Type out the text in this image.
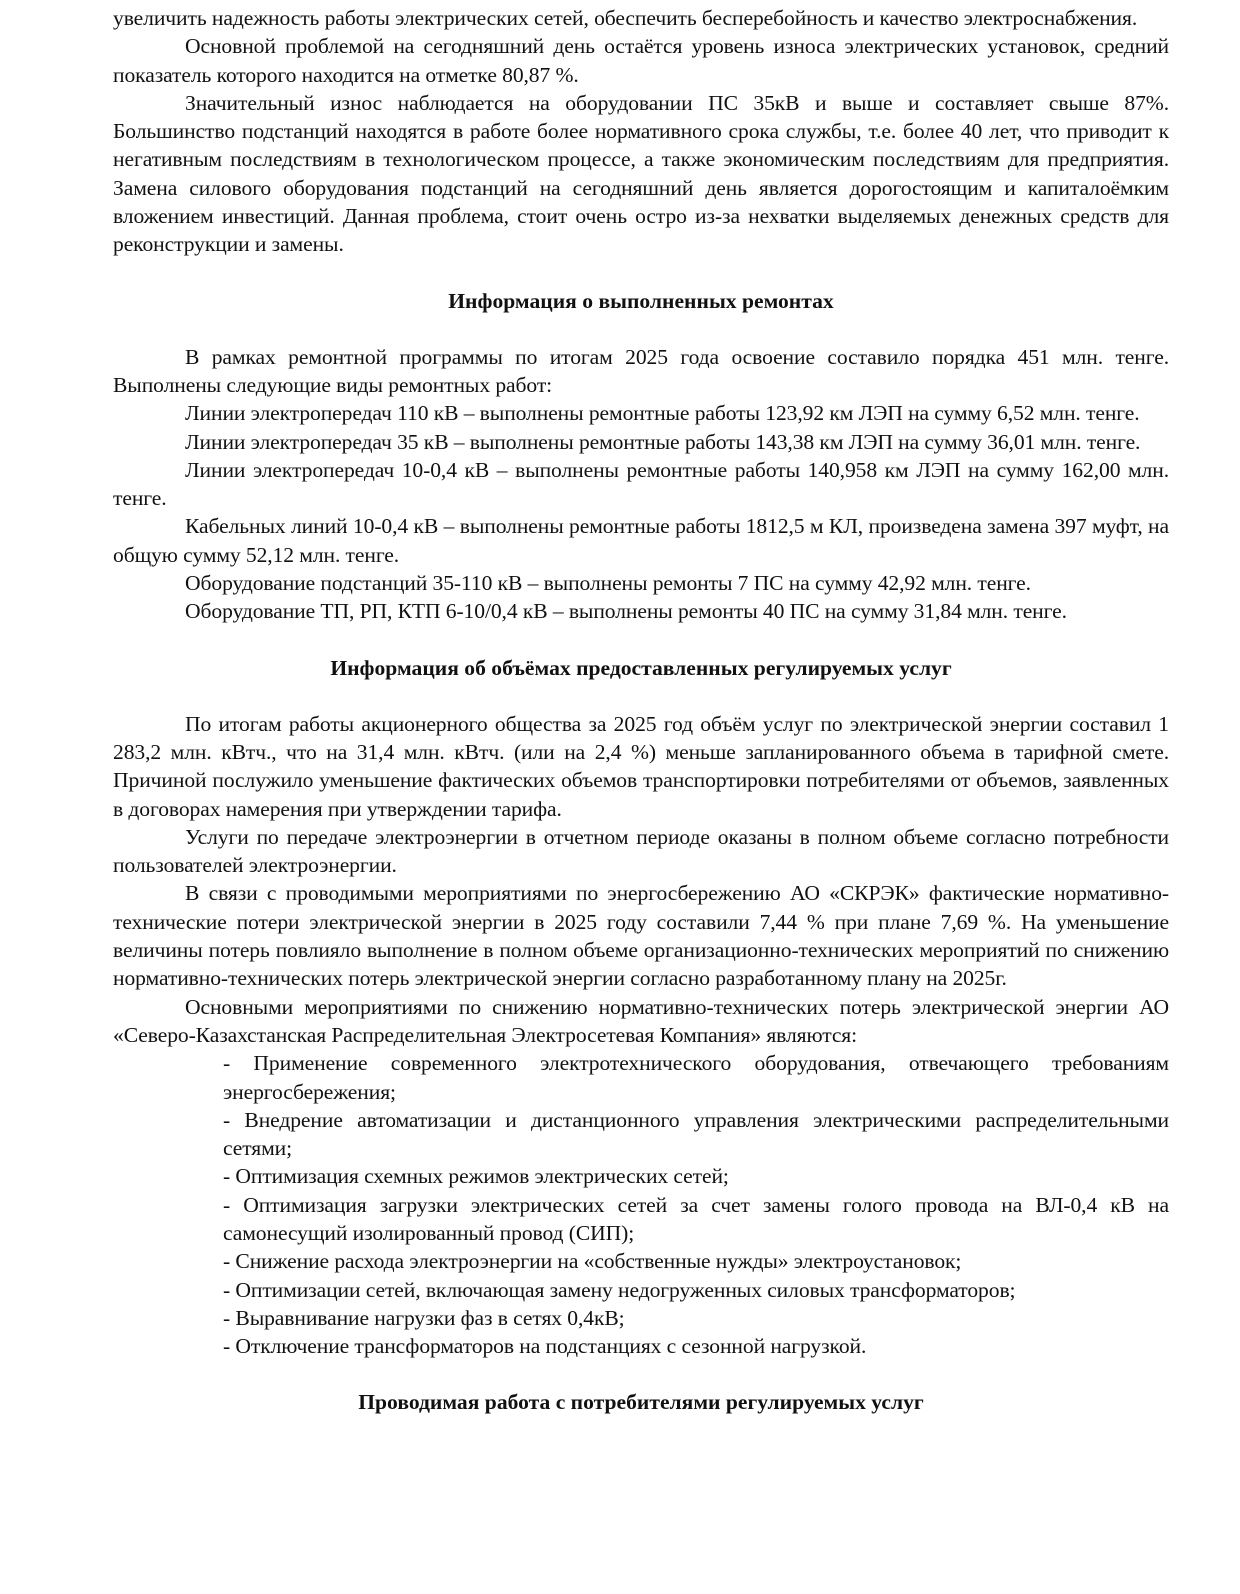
увеличить надежность работы электрических сетей, обеспечить бесперебойность и качество электроснабжения.

Основной проблемой на сегодняшний день остаётся уровень износа электрических установок, средний показатель которого находится на отметке 80,87 %.

Значительный износ наблюдается на оборудовании ПС 35кВ и выше и составляет свыше 87%. Большинство подстанций находятся в работе более нормативного срока службы, т.е. более 40 лет, что приводит к негативным последствиям в технологическом процессе, а также экономическим последствиям для предприятия. Замена силового оборудования подстанций на сегодняшний день является дорогостоящим и капиталоёмким вложением инвестиций. Данная проблема, стоит очень остро из-за нехватки выделяемых денежных средств для реконструкции и замены.

Информация о выполненных ремонтах

В рамках ремонтной программы по итогам 2025 года освоение составило порядка 451 млн. тенге. Выполнены следующие виды ремонтных работ:

Линии электропередач 110 кВ – выполнены ремонтные работы 123,92 км ЛЭП на сумму 6,52 млн. тенге.

Линии электропередач 35 кВ – выполнены ремонтные работы 143,38 км ЛЭП на сумму 36,01 млн. тенге.

Линии электропередач 10-0,4 кВ – выполнены ремонтные работы 140,958 км ЛЭП на сумму 162,00 млн. тенге.

Кабельных линий 10-0,4 кВ – выполнены ремонтные работы 1812,5 м КЛ, произведена замена 397 муфт, на общую сумму 52,12 млн. тенге.

Оборудование подстанций 35-110 кВ – выполнены ремонты 7 ПС на сумму 42,92 млн. тенге.

Оборудование ТП, РП, КТП 6-10/0,4 кВ – выполнены ремонты 40 ПС на сумму 31,84 млн. тенге.

Информация об объёмах предоставленных регулируемых услуг

По итогам работы акционерного общества за 2025 год объём услуг по электрической энергии составил 1 283,2 млн. кВтч., что на 31,4 млн. кВтч. (или на 2,4 %) меньше запланированного объема в тарифной смете. Причиной послужило уменьшение фактических объемов транспортировки потребителями от объемов, заявленных в договорах намерения при утверждении тарифа.

Услуги по передаче электроэнергии в отчетном периоде оказаны в полном объеме согласно потребности пользователей электроэнергии.

В связи с проводимыми мероприятиями по энергосбережению АО «СКРЭК» фактические нормативно-технические потери электрической энергии в 2025 году составили 7,44 % при плане 7,69 %. На уменьшение величины потерь повлияло выполнение в полном объеме организационно-технических мероприятий по снижению нормативно-технических потерь электрической энергии согласно разработанному плану на 2025г.

Основными мероприятиями по снижению нормативно-технических потерь электрической энергии АО «Северо-Казахстанская Распределительная Электросетевая Компания» являются:

- Применение современного электротехнического оборудования, отвечающего требованиям энергосбережения;

- Внедрение автоматизации и дистанционного управления электрическими распределительными сетями;

- Оптимизация схемных режимов электрических сетей;

- Оптимизация загрузки электрических сетей за счет замены голого провода на ВЛ-0,4 кВ на самонесущий изолированный провод (СИП);

- Снижение расхода электроэнергии на «собственные нужды» электроустановок;

- Оптимизации сетей, включающая замену недогруженных силовых трансформаторов;

- Выравнивание нагрузки фаз в сетях 0,4кВ;

- Отключение трансформаторов на подстанциях с сезонной нагрузкой.

Проводимая работа с потребителями регулируемых услуг
